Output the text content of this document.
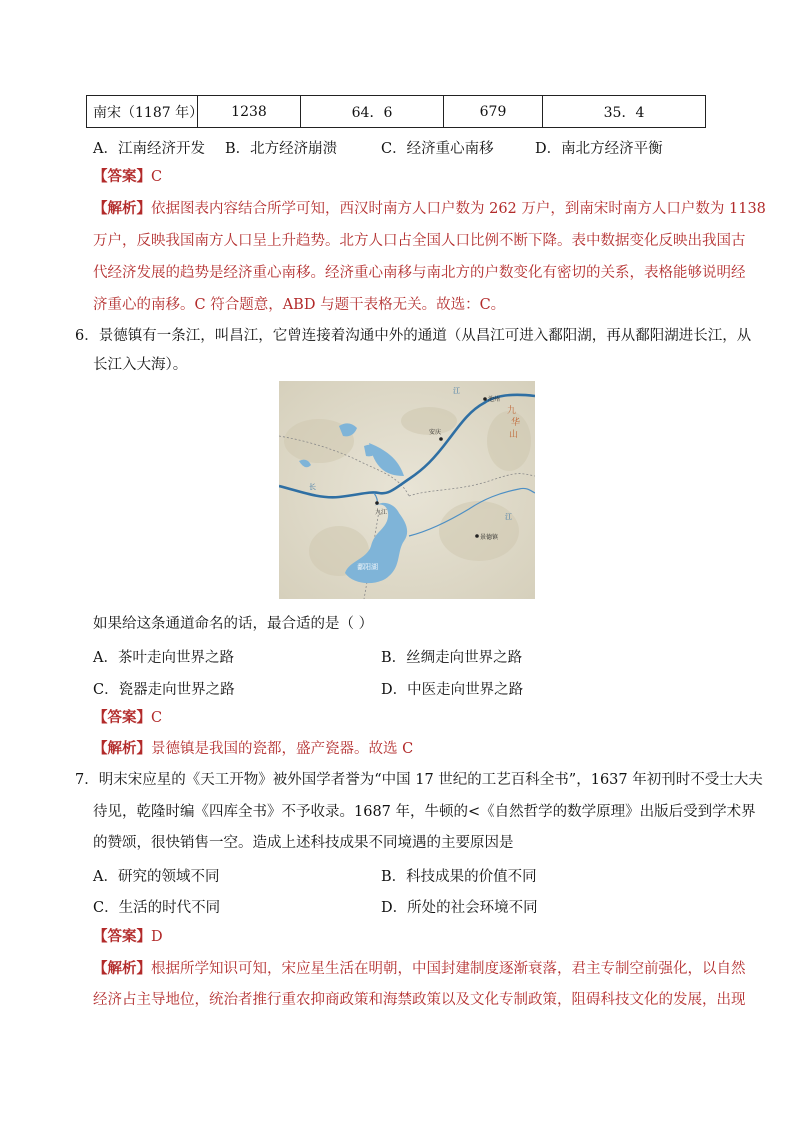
南宋（1187 年）	1238	64．6	679	35．4
A．江南经济开发 B．北方经济崩溃	C．经济重心南移	D．南北方经济平衡
【答案】C
【解析】依据图表内容结合所学可知，西汉时南方人口户数为 262 万户，到南宋时南方人口户数为 1138
万户，反映我国南方人口呈上升趋势。北方人口占全国人口比例不断下降。表中数据变化反映出我国古
代经济发展的趋势是经济重心南移。经济重心南移与南北方的户数变化有密切的关系，表格能够说明经
济重心的南移。C 符合题意，ABD 与题干表格无关。故选：C。
6．景德镇有一条江，叫昌江，它曾连接着沟通中外的通道（从昌江可进入鄱阳湖，再从鄱阳湖进长江，从
长江入大海）。
安庆
池州
九江
景德镇
鄱阳湖
九
华
山
江
长
江
如果给这条通道命名的话，最合适的是（ ）
A．茶叶走向世界之路	B．丝绸走向世界之路
C．瓷器走向世界之路	D．中医走向世界之路
【答案】C
【解析】景德镇是我国的瓷都，盛产瓷器。故选 C
7．明末宋应星的《天工开物》被外国学者誉为“中国 17 世纪的工艺百科全书”，1637 年初刊时不受士大夫
待见，乾隆时编《四库全书》不予收录。1687 年，牛顿的<《自然哲学的数学原理》出版后受到学术界
的赞颂，很快销售一空。造成上述科技成果不同境遇的主要原因是
A．研究的领域不同	B．科技成果的价值不同
C．生活的时代不同	D．所处的社会环境不同
【答案】D
【解析】根据所学知识可知，宋应星生活在明朝，中国封建制度逐渐衰落，君主专制空前强化，以自然
经济占主导地位，统治者推行重农抑商政策和海禁政策以及文化专制政策，阻碍科技文化的发展，出现
